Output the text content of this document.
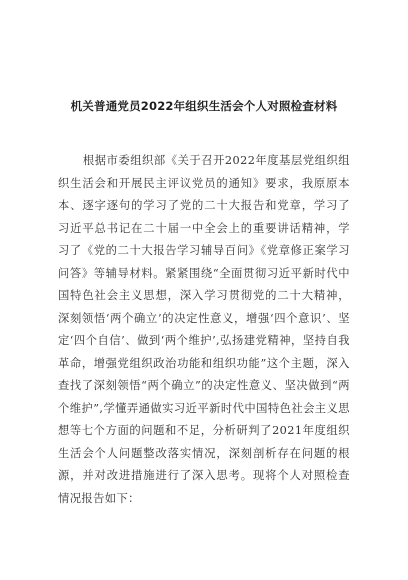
机关普通党员2022年组织生活会个人对照检查材料

根据市委组织部《关于召开2022年度基层党组织组织生活会和开展民主评议党员的通知》要求，我原原本本、逐字逐句的学习了党的二十大报告和党章，学习了习近平总书记在二十届一中全会上的重要讲话精神，学习了《党的二十大报告学习辅导百问》《党章修正案学习问答》等辅导材料。紧紧围绕“全面贯彻习近平新时代中国特色社会主义思想，深入学习贯彻党的二十大精神，深刻领悟‘两个确立’的决定性意义，增强‘四个意识’、坚定‘四个自信’、做到‘两个维护’,弘扬建党精神，坚持自我革命，增强党组织政治功能和组织功能”这个主题，深入查找了深刻领悟“两个确立”的决定性意义、坚决做到“两个维护”,学懂弄通做实习近平新时代中国特色社会主义思想等七个方面的问题和不足，分析研判了2021年度组织生活会个人问题整改落实情况，深刻剖析存在问题的根源，并对改进措施进行了深入思考。现将个人对照检查情况报告如下：
